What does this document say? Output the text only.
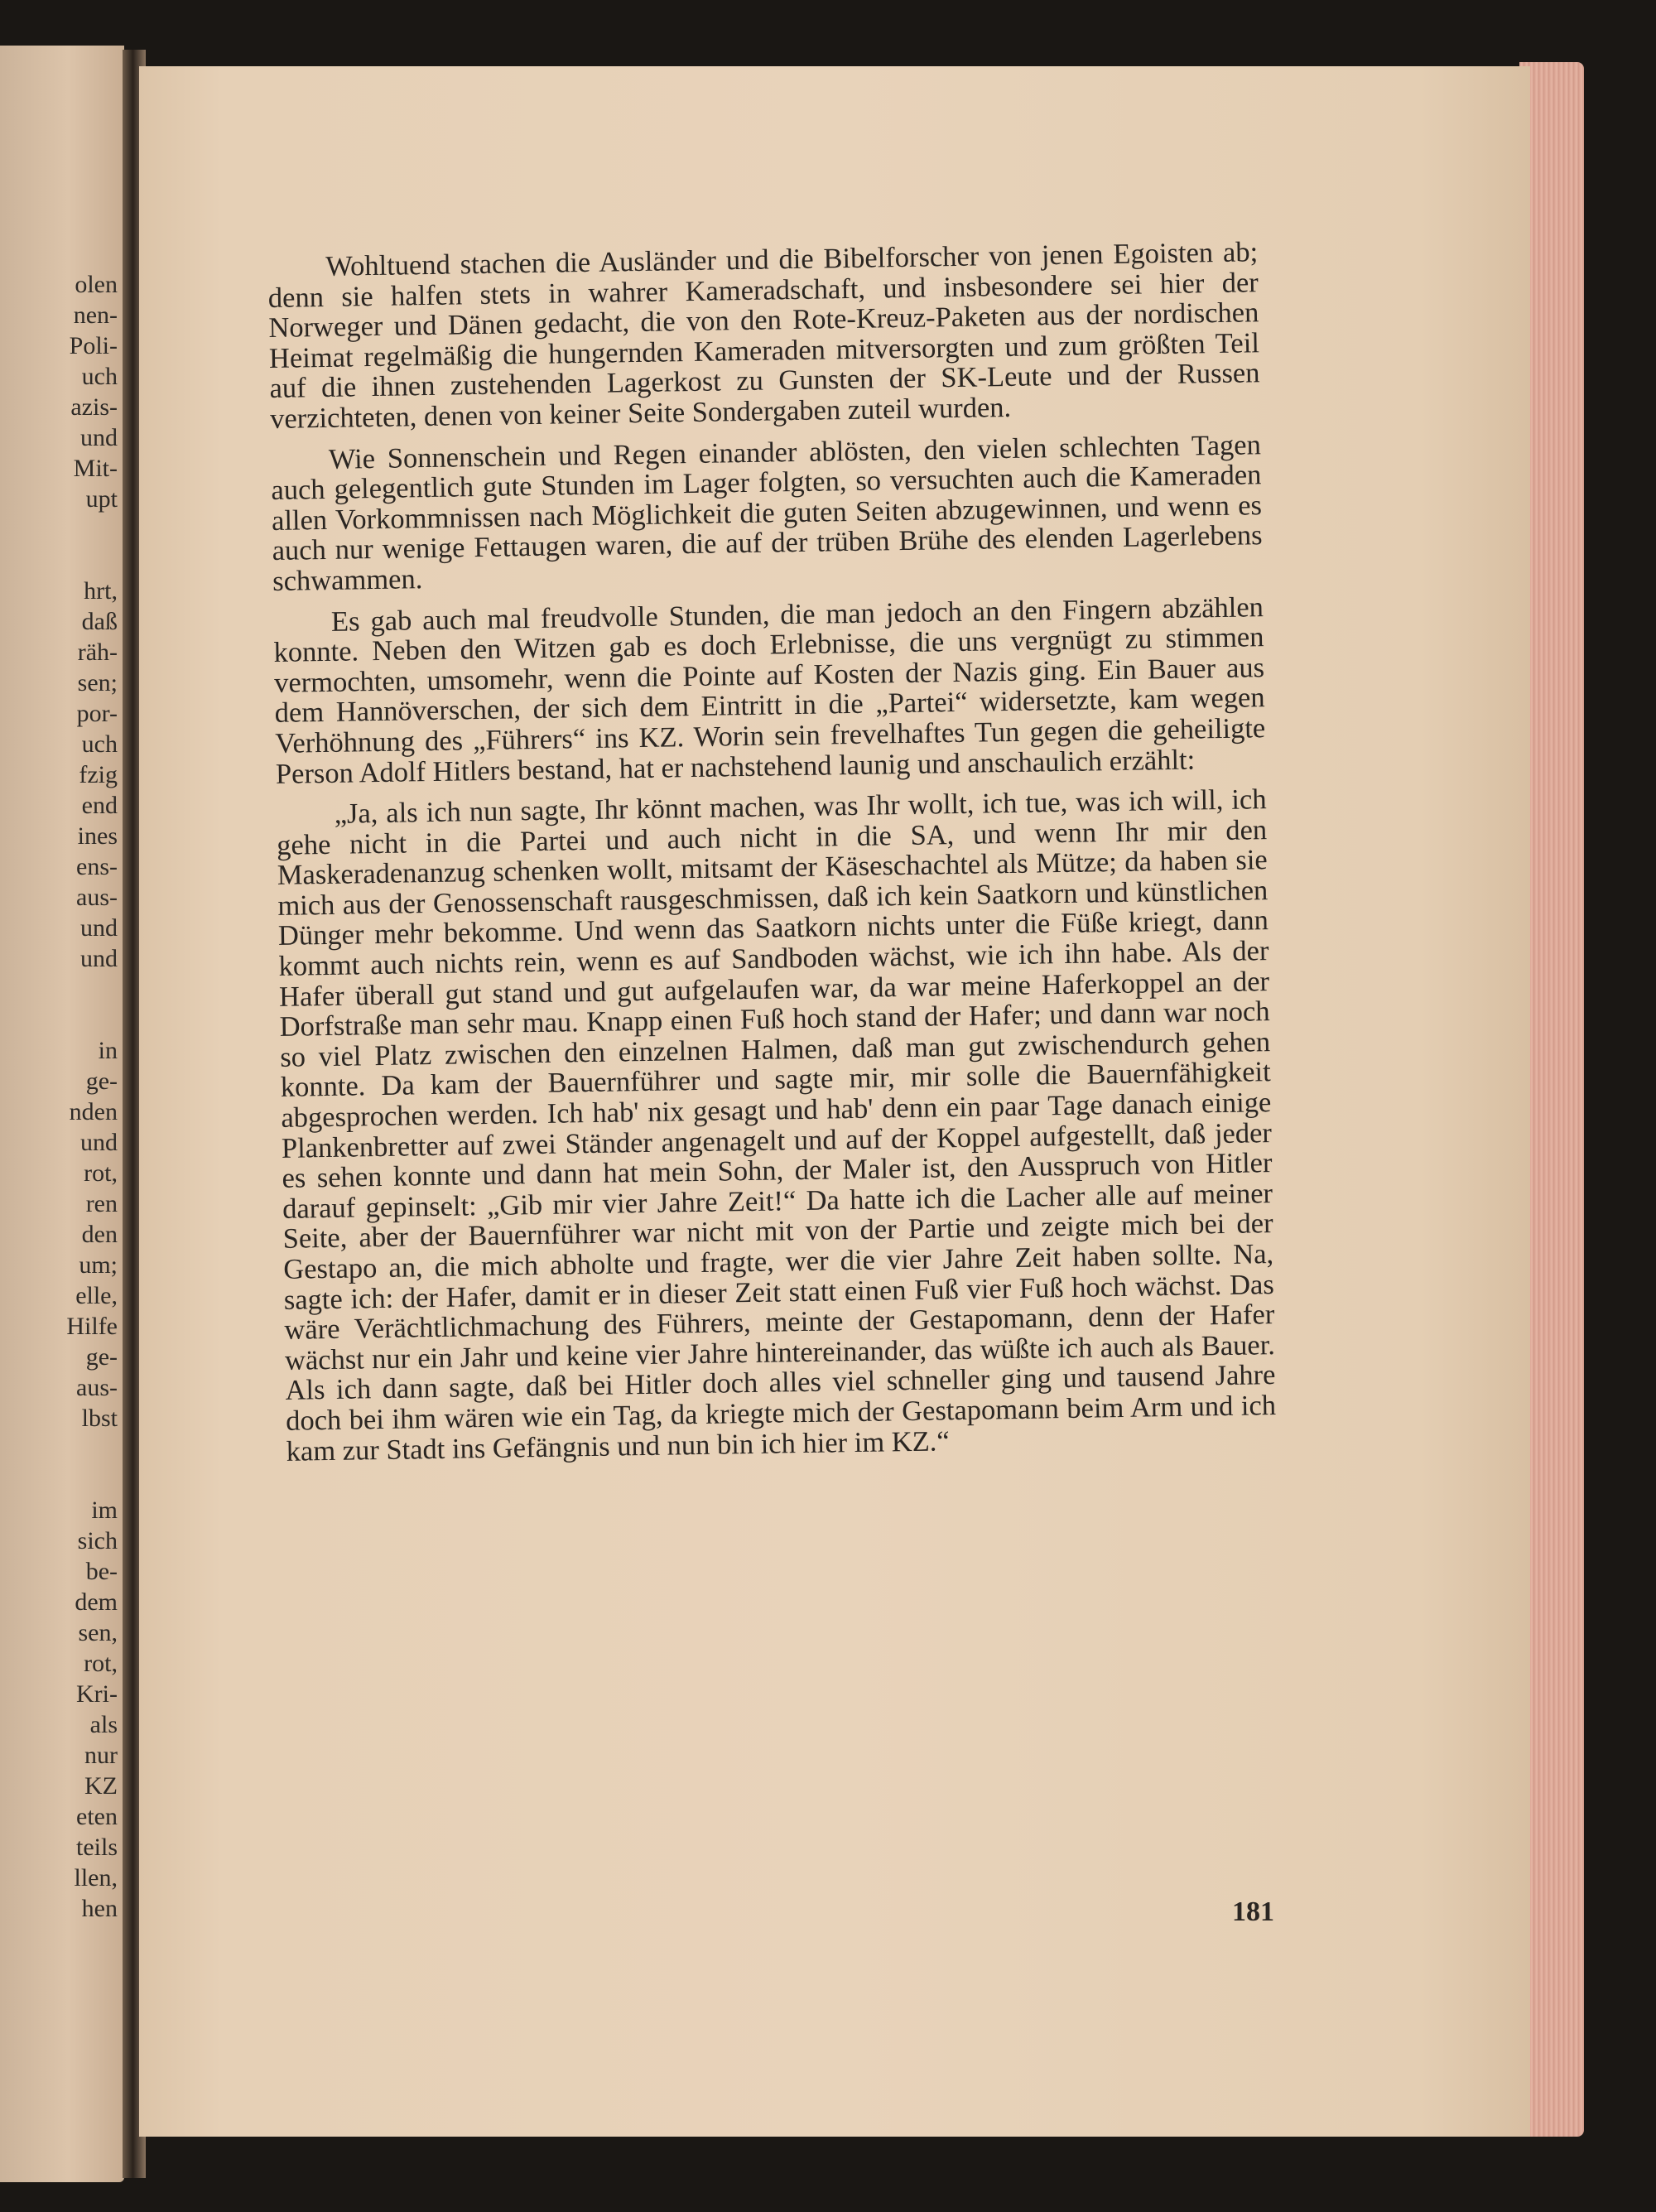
olen
nen-
Poli-
uch
azis-
und
Mit-
upt

hrt,
daß
räh-
sen;
por-
uch
fzig
end
ines
ens-
aus-
und
und

in
ge-
nden
und
rot,
ren
den
um;
elle,
Hilfe
ge-
aus-
lbst

im
sich
be-
dem
sen,
rot,
Kri-
als
nur
KZ
eten
teils
llen,
hen

Wohltuend stachen die Ausländer und die Bibelforscher von jenen Egoisten ab; denn sie halfen stets in wahrer Kameradschaft, und insbesondere sei hier der Norweger und Dänen gedacht, die von den Rote-Kreuz-Paketen aus der nordischen Heimat regelmäßig die hungernden Kameraden mitversorgten und zum größten Teil auf die ihnen zustehenden Lagerkost zu Gunsten der SK-Leute und der Russen verzichteten, denen von keiner Seite Sondergaben zuteil wurden.

Wie Sonnenschein und Regen einander ablösten, den vielen schlechten Tagen auch gelegentlich gute Stunden im Lager folgten, so versuchten auch die Kameraden allen Vorkommnissen nach Möglichkeit die guten Seiten abzugewinnen, und wenn es auch nur wenige Fettaugen waren, die auf der trüben Brühe des elenden Lagerlebens schwammen.

Es gab auch mal freudvolle Stunden, die man jedoch an den Fingern abzählen konnte. Neben den Witzen gab es doch Erlebnisse, die uns vergnügt zu stimmen vermochten, umsomehr, wenn die Pointe auf Kosten der Nazis ging. Ein Bauer aus dem Hannöverschen, der sich dem Eintritt in die „Partei“ widersetzte, kam wegen Verhöhnung des „Führers“ ins KZ. Worin sein frevelhaftes Tun gegen die geheiligte Person Adolf Hitlers bestand, hat er nachstehend launig und anschaulich erzählt:

„Ja, als ich nun sagte, Ihr könnt machen, was Ihr wollt, ich tue, was ich will, ich gehe nicht in die Partei und auch nicht in die SA, und wenn Ihr mir den Maskeradenanzug schenken wollt, mitsamt der Käseschachtel als Mütze; da haben sie mich aus der Genossenschaft rausgeschmissen, daß ich kein Saatkorn und künstlichen Dünger mehr bekomme. Und wenn das Saatkorn nichts unter die Füße kriegt, dann kommt auch nichts rein, wenn es auf Sandboden wächst, wie ich ihn habe. Als der Hafer überall gut stand und gut aufgelaufen war, da war meine Haferkoppel an der Dorfstraße man sehr mau. Knapp einen Fuß hoch stand der Hafer; und dann war noch so viel Platz zwischen den einzelnen Halmen, daß man gut zwischendurch gehen konnte. Da kam der Bauernführer und sagte mir, mir solle die Bauernfähigkeit abgesprochen werden. Ich hab' nix gesagt und hab' denn ein paar Tage danach einige Plankenbretter auf zwei Ständer angenagelt und auf der Koppel aufgestellt, daß jeder es sehen konnte und dann hat mein Sohn, der Maler ist, den Ausspruch von Hitler darauf gepinselt: „Gib mir vier Jahre Zeit!“ Da hatte ich die Lacher alle auf meiner Seite, aber der Bauernführer war nicht mit von der Partie und zeigte mich bei der Gestapo an, die mich abholte und fragte, wer die vier Jahre Zeit haben sollte. Na, sagte ich: der Hafer, damit er in dieser Zeit statt einen Fuß vier Fuß hoch wächst. Das wäre Verächtlichmachung des Führers, meinte der Gestapomann, denn der Hafer wächst nur ein Jahr und keine vier Jahre hintereinander, das wüßte ich auch als Bauer. Als ich dann sagte, daß bei Hitler doch alles viel schneller ging und tausend Jahre doch bei ihm wären wie ein Tag, da kriegte mich der Gestapomann beim Arm und ich kam zur Stadt ins Gefängnis und nun bin ich hier im KZ.“

181
